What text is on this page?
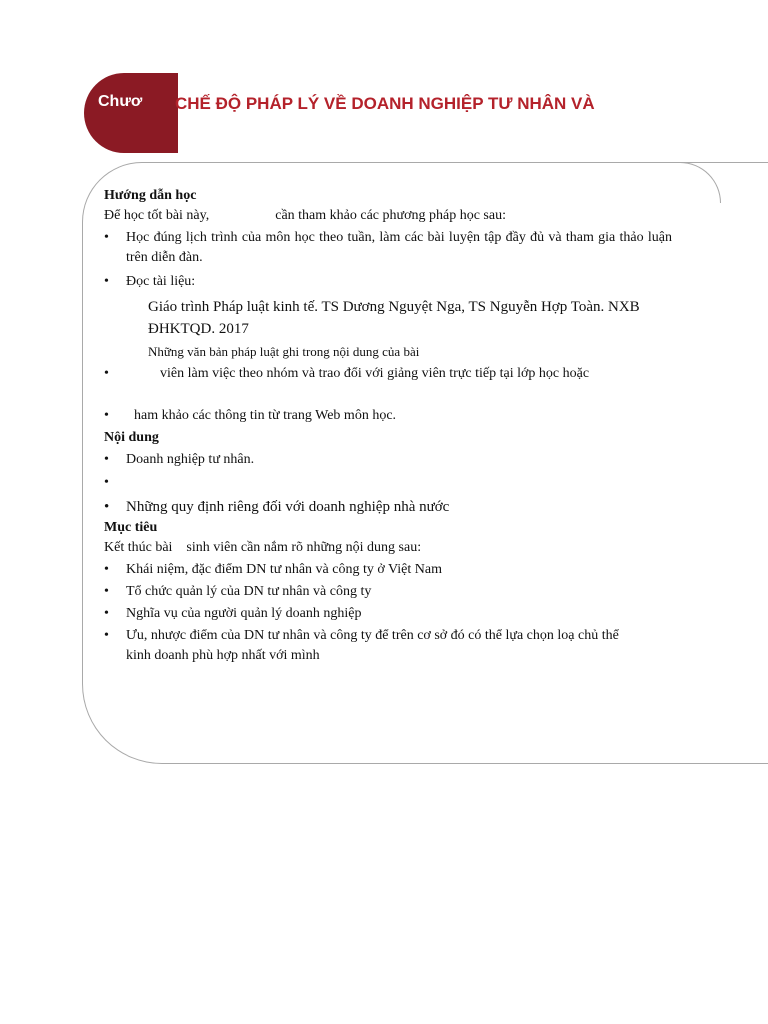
Chươ CHẾ ĐỘ PHÁP LÝ VỀ DOANH NGHIỆP TƯ NHÂN VÀ
Hướng dẫn học
Để học tốt bài này,	cần tham khảo các phương pháp học sau:
• Học đúng lịch trình của môn học theo tuần, làm các bài luyện tập đầy đủ và tham gia thảo luận trên diễn đàn.
• Đọc tài liệu:
Giáo trình Pháp luật kinh tế. TS Dương Nguyệt Nga, TS Nguyễn Hợp Toàn. NXB ĐHKTQD. 2017
Những văn bản pháp luật ghi trong nội dung của bài
• viên làm việc theo nhóm và trao đổi với giảng viên trực tiếp tại lớp học hoặc
• ham khảo các thông tin từ trang Web môn học.
Nội dung
• Doanh nghiệp tư nhân.
•
• Những quy định riêng đối với doanh nghiệp nhà nước
Mục tiêu
Kết thúc bài sinh viên cần nắm rõ những nội dung sau:
• Khái niệm, đặc điểm DN tư nhân và công ty ở Việt Nam
• Tổ chức quản lý của DN tư nhân và công ty
• Nghĩa vụ của người quản lý doanh nghiệp
• Ưu, nhược điểm của DN tư nhân và công ty để trên cơ sở đó có thể lựa chọn loạ chủ thể kinh doanh phù hợp nhất với mình
